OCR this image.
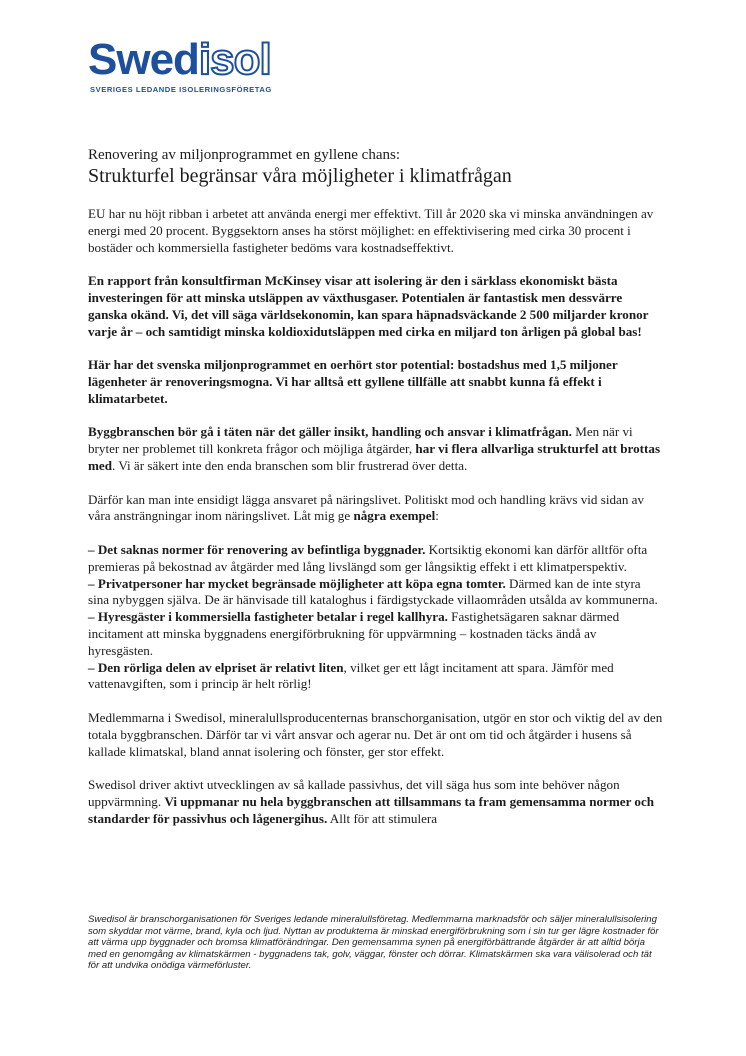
Swedisol
SVERIGES LEDANDE ISOLERINGSFÖRETAG
Renovering av miljonprogrammet en gyllene chans:
Strukturfel begränsar våra möjligheter i klimatfrågan

EU har nu höjt ribban i arbetet att använda energi mer effektivt. Till år 2020 ska vi minska användningen av energi med 20 procent. Byggsektorn anses ha störst möjlighet: en effektivisering med cirka 30 procent i bostäder och kommersiella fastigheter bedöms vara kostnadseffektivt.

En rapport från konsultfirman McKinsey visar att isolering är den i särklass ekonomiskt bästa investeringen för att minska utsläppen av växthusgaser. Potentialen är fantastisk men dessvärre ganska okänd. Vi, det vill säga världsekonomin, kan spara häpnadsväckande 2 500 miljarder kronor varje år – och samtidigt minska koldioxidutsläppen med cirka en miljard ton årligen på global bas!

Här har det svenska miljonprogrammet en oerhört stor potential: bostadshus med 1,5 miljoner lägenheter är renoveringsmogna. Vi har alltså ett gyllene tillfälle att snabbt kunna få effekt i klimatarbetet.

Byggbranschen bör gå i täten när det gäller insikt, handling och ansvar i klimatfrågan. Men när vi bryter ner problemet till konkreta frågor och möjliga åtgärder, har vi flera allvarliga strukturfel att brottas med. Vi är säkert inte den enda branschen som blir frustrerad över detta.

Därför kan man inte ensidigt lägga ansvaret på näringslivet. Politiskt mod och handling krävs vid sidan av våra ansträngningar inom näringslivet. Låt mig ge några exempel:

– Det saknas normer för renovering av befintliga byggnader. Kortsiktig ekonomi kan därför alltför ofta premieras på bekostnad av åtgärder med lång livslängd som ger långsiktig effekt i ett klimatperspektiv.
– Privatpersoner har mycket begränsade möjligheter att köpa egna tomter. Därmed kan de inte styra sina nybyggen själva. De är hänvisade till kataloghus i färdigstyckade villaområden utsålda av kommunerna.
– Hyresgäster i kommersiella fastigheter betalar i regel kallhyra. Fastighetsägaren saknar därmed incitament att minska byggnadens energiförbrukning för uppvärmning – kostnaden täcks ändå av hyresgästen.
– Den rörliga delen av elpriset är relativt liten, vilket ger ett lågt incitament att spara. Jämför med vattenavgiften, som i princip är helt rörlig!

Medlemmarna i Swedisol, mineralullsproducenternas branschorganisation, utgör en stor och viktig del av den totala byggbranschen. Därför tar vi vårt ansvar och agerar nu. Det är ont om tid och åtgärder i husens så kallade klimatskal, bland annat isolering och fönster, ger stor effekt.

Swedisol driver aktivt utvecklingen av så kallade passivhus, det vill säga hus som inte behöver någon uppvärmning. Vi uppmanar nu hela byggbranschen att tillsammans ta fram gemensamma normer och standarder för passivhus och lågenergihus. Allt för att stimulera

Swedisol är branschorganisationen för Sveriges ledande mineralullsföretag. Medlemmarna marknadsför och säljer mineralullsisolering som skyddar mot värme, brand, kyla och ljud. Nyttan av produkterna är minskad energiförbrukning som i sin tur ger lägre kostnader för att värma upp byggnader och bromsa klimatförändringar. Den gemensamma synen på energiförbättrande åtgärder är att alltid börja med en genomgång av klimatskärmen - byggnadens tak, golv, väggar, fönster och dörrar. Klimatskärmen ska vara välisolerad och tät för att undvika onödiga värmeförluster.
